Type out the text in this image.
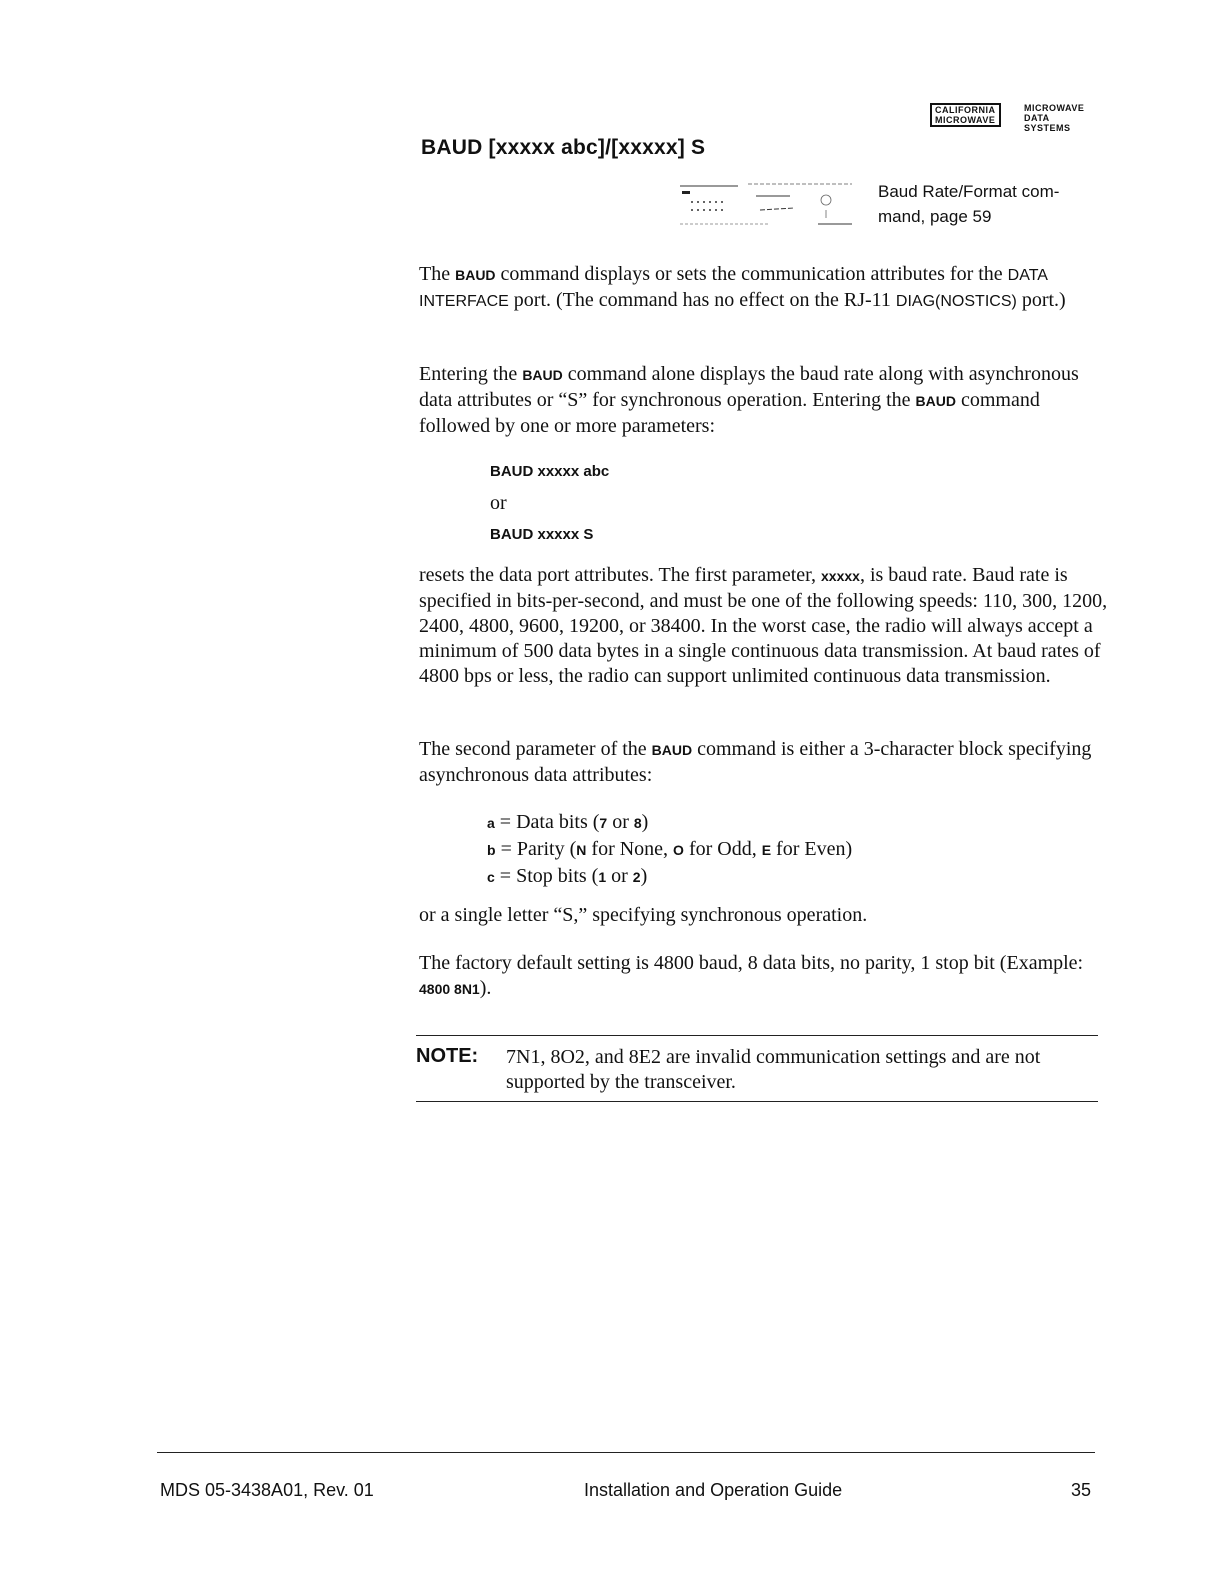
CALIFORNIA
MICROWAVE
MICROWAVE
DATA
SYSTEMS
BAUD [xxxxx abc]/[xxxxx] S
Baud Rate/Format com-
mand, page 59
The BAUD command displays or sets the communication attributes for the DATA INTERFACE port. (The command has no effect on the RJ-11 DIAG(NOSTICS) port.)
Entering the BAUD command alone displays the baud rate along with asynchronous data attributes or “S” for synchronous operation. Entering the BAUD command followed by one or more parameters:
BAUD xxxxx abc
or
BAUD xxxxx S
resets the data port attributes. The first parameter, xxxxx, is baud rate. Baud rate is specified in bits-per-second, and must be one of the following speeds: 110, 300, 1200, 2400, 4800, 9600, 19200, or 38400. In the worst case, the radio will always accept a minimum of 500 data bytes in a single continuous data transmission. At baud rates of 4800 bps or less, the radio can support unlimited continuous data transmission.
The second parameter of the BAUD command is either a 3-character block specifying asynchronous data attributes:
a = Data bits (7 or 8)
b = Parity (N for None, O for Odd, E for Even)
c = Stop bits (1 or 2)
or a single letter “S,” specifying synchronous operation.
The factory default setting is 4800 baud, 8 data bits, no parity, 1 stop bit (Example: 4800 8N1).
NOTE: 7N1, 8O2, and 8E2 are invalid communication settings and are not supported by the transceiver.
MDS 05-3438A01, Rev. 01	Installation and Operation Guide	35
